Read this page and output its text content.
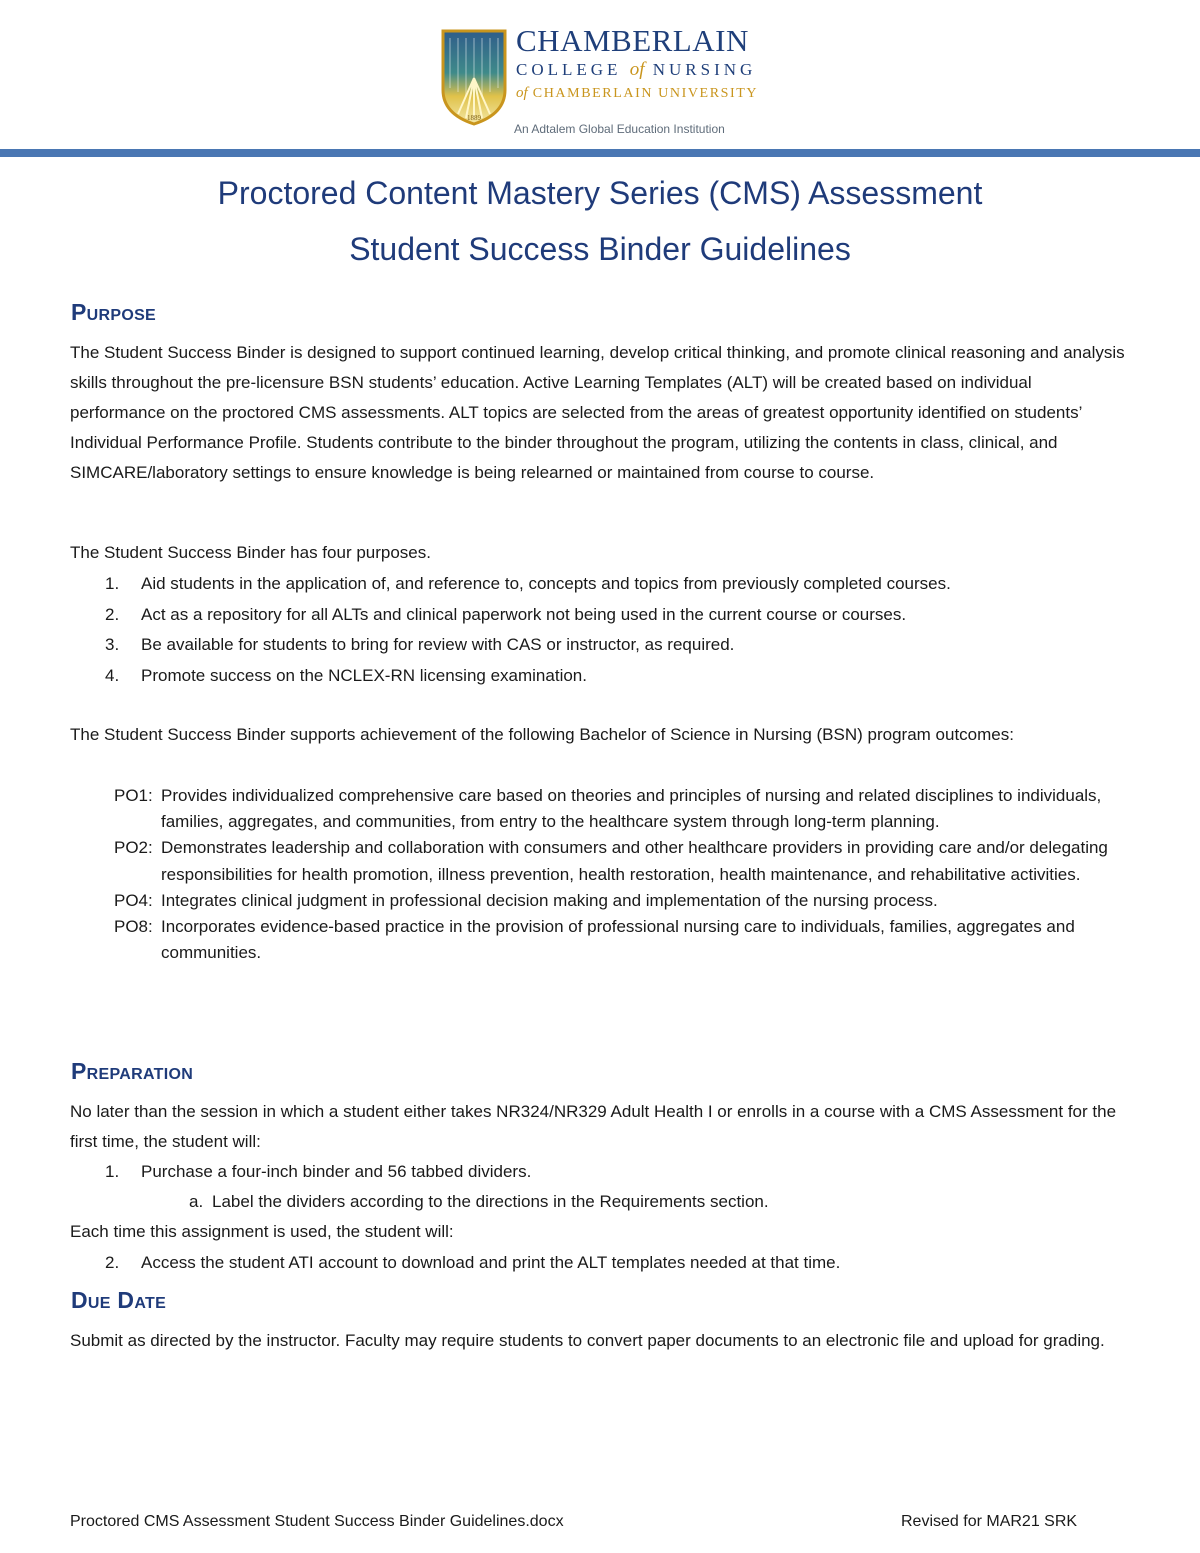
1889
CHAMBERLAIN
COLLEGE of NURSING
of CHAMBERLAIN UNIVERSITY
An Adtalem Global Education Institution
Proctored Content Mastery Series (CMS) Assessment
Student Success Binder Guidelines
Purpose
The Student Success Binder is designed to support continued learning, develop critical thinking, and promote clinical reasoning and analysis skills throughout the pre-licensure BSN students’ education. Active Learning Templates (ALT) will be created based on individual performance on the proctored CMS assessments. ALT topics are selected from the areas of greatest opportunity identified on students’ Individual Performance Profile. Students contribute to the binder throughout the program, utilizing the contents in class, clinical, and SIMCARE/laboratory settings to ensure knowledge is being relearned or maintained from course to course.
The Student Success Binder has four purposes.
1. Aid students in the application of, and reference to, concepts and topics from previously completed courses.
2. Act as a repository for all ALTs and clinical paperwork not being used in the current course or courses.
3. Be available for students to bring for review with CAS or instructor, as required.
4. Promote success on the NCLEX-RN licensing examination.
The Student Success Binder supports achievement of the following Bachelor of Science in Nursing (BSN) program outcomes:
PO1: Provides individualized comprehensive care based on theories and principles of nursing and related disciplines to individuals, families, aggregates, and communities, from entry to the healthcare system through long-term planning.
PO2: Demonstrates leadership and collaboration with consumers and other healthcare providers in providing care and/or delegating responsibilities for health promotion, illness prevention, health restoration, health maintenance, and rehabilitative activities.
PO4: Integrates clinical judgment in professional decision making and implementation of the nursing process.
PO8: Incorporates evidence-based practice in the provision of professional nursing care to individuals, families, aggregates and communities.
Preparation
No later than the session in which a student either takes NR324/NR329 Adult Health I or enrolls in a course with a CMS Assessment for the first time, the student will:
1. Purchase a four-inch binder and 56 tabbed dividers.
a. Label the dividers according to the directions in the Requirements section.
Each time this assignment is used, the student will:
2. Access the student ATI account to download and print the ALT templates needed at that time.
Due Date
Submit as directed by the instructor. Faculty may require students to convert paper documents to an electronic file and upload for grading.
Proctored CMS Assessment Student Success Binder Guidelines.docx	Revised for MAR21 SRK
